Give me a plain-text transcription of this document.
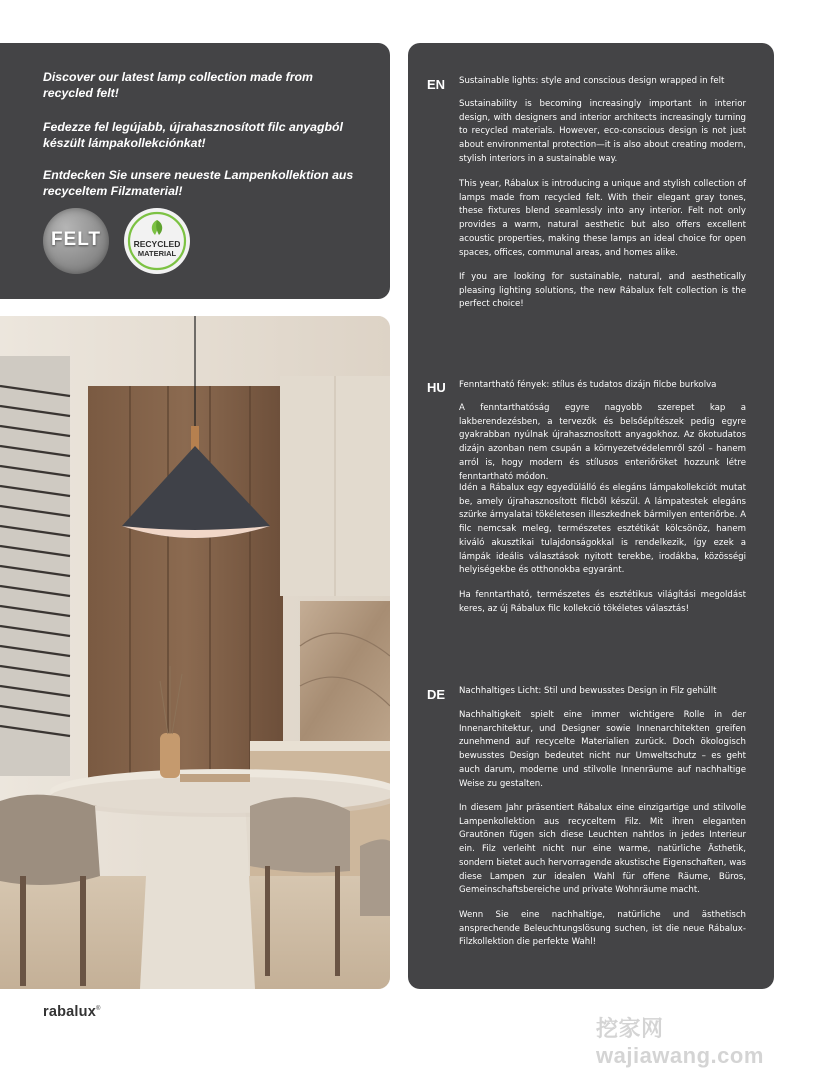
Discover our latest lamp collection made from recycled felt!

Fedezze fel legújabb, újrahasznosított filc anyagból készült lámpakollekciónkat!

Entdecken Sie unsere neueste Lampenkollektion aus recyceltem Filzmaterial!

FELT	RECYCLED
MATERIAL
EN Sustainable lights: style and conscious design wrapped in felt

Sustainability is becoming increasingly important in interior design, with designers and interior architects increasingly turning to recycled materials. However, eco-conscious design is not just about environmental protection—it is also about creating modern, stylish interiors in a sustainable way.

This year, Rábalux is introducing a unique and stylish collection of lamps made from recycled felt. With their elegant gray tones, these fixtures blend seamlessly into any interior. Felt not only provides a warm, natural aesthetic but also offers excellent acoustic properties, making these lamps an ideal choice for open spaces, offices, communal areas, and homes alike.

If you are looking for sustainable, natural, and aesthetically pleasing lighting solutions, the new Rábalux felt collection is the perfect choice!

HU Fenntartható fények: stílus és tudatos dizájn filcbe burkolva

A fenntarthatóság egyre nagyobb szerepet kap a lakberendezésben, a tervezők és belsőépítészek pedig egyre gyakrabban nyúlnak újrahasznosított anyagokhoz. Az ökotudatos dizájn azonban nem csupán a környezetvédelemről szól – hanem arról is, hogy modern és stílusos enteriőröket hozzunk létre fenntartható módon.

Idén a Rábalux egy egyedülálló és elegáns lámpakollekciót mutat be, amely újrahasznosított filcből készül. A lámpatestek elegáns szürke árnyalatai tökéletesen illeszkednek bármilyen enteriőrbe. A filc nemcsak meleg, természetes esztétikát kölcsönöz, hanem kiváló akusztikai tulajdonságokkal is rendelkezik, így ezek a lámpák ideális választások nyitott terekbe, irodákba, közösségi helyiségekbe és otthonokba egyaránt.

Ha fenntartható, természetes és esztétikus világítási megoldást keres, az új Rábalux filc kollekció tökéletes választás!

DE Nachhaltiges Licht: Stil und bewusstes Design in Filz gehüllt

Nachhaltigkeit spielt eine immer wichtigere Rolle in der Innenarchitektur, und Designer sowie Innenarchitekten greifen zunehmend auf recycelte Materialien zurück. Doch ökologisch bewusstes Design bedeutet nicht nur Umweltschutz – es geht auch darum, moderne und stilvolle Innenräume auf nachhaltige Weise zu gestalten.

In diesem Jahr präsentiert Rábalux eine einzigartige und stilvolle Lampenkollektion aus recyceltem Filz. Mit ihren eleganten Grautönen fügen sich diese Leuchten nahtlos in jedes Interieur ein. Filz verleiht nicht nur eine warme, natürliche Ästhetik, sondern bietet auch hervorragende akustische Eigenschaften, was diese Lampen zur idealen Wahl für offene Räume, Büros, Gemeinschaftsbereiche und private Wohnräume macht.

Wenn Sie eine nachhaltige, natürliche und ästhetisch ansprechende Beleuchtungslösung suchen, ist die neue Rábalux-Filzkollektion die perfekte Wahl!

rabalux®
挖家网 wajiawang.com
